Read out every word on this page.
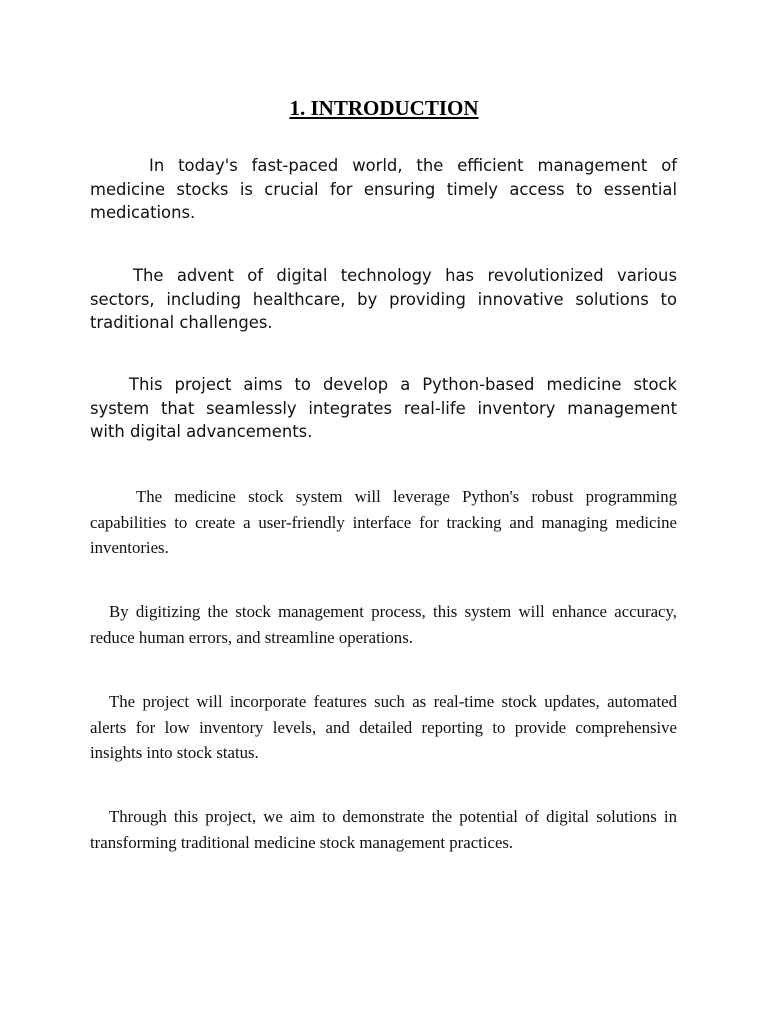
1. INTRODUCTION

In today's fast-paced world, the efficient management of medicine stocks is crucial for ensuring timely access to essential medications.

The advent of digital technology has revolutionized various sectors, including healthcare, by providing innovative solutions to traditional challenges.

This project aims to develop a Python-based medicine stock system that seamlessly integrates real-life inventory management with digital advancements.

The medicine stock system will leverage Python's robust programming capabilities to create a user-friendly interface for tracking and managing medicine inventories.

By digitizing the stock management process, this system will enhance accuracy, reduce human errors, and streamline operations.

The project will incorporate features such as real-time stock updates, automated alerts for low inventory levels, and detailed reporting to provide comprehensive insights into stock status.

Through this project, we aim to demonstrate the potential of digital solutions in transforming traditional medicine stock management practices.
